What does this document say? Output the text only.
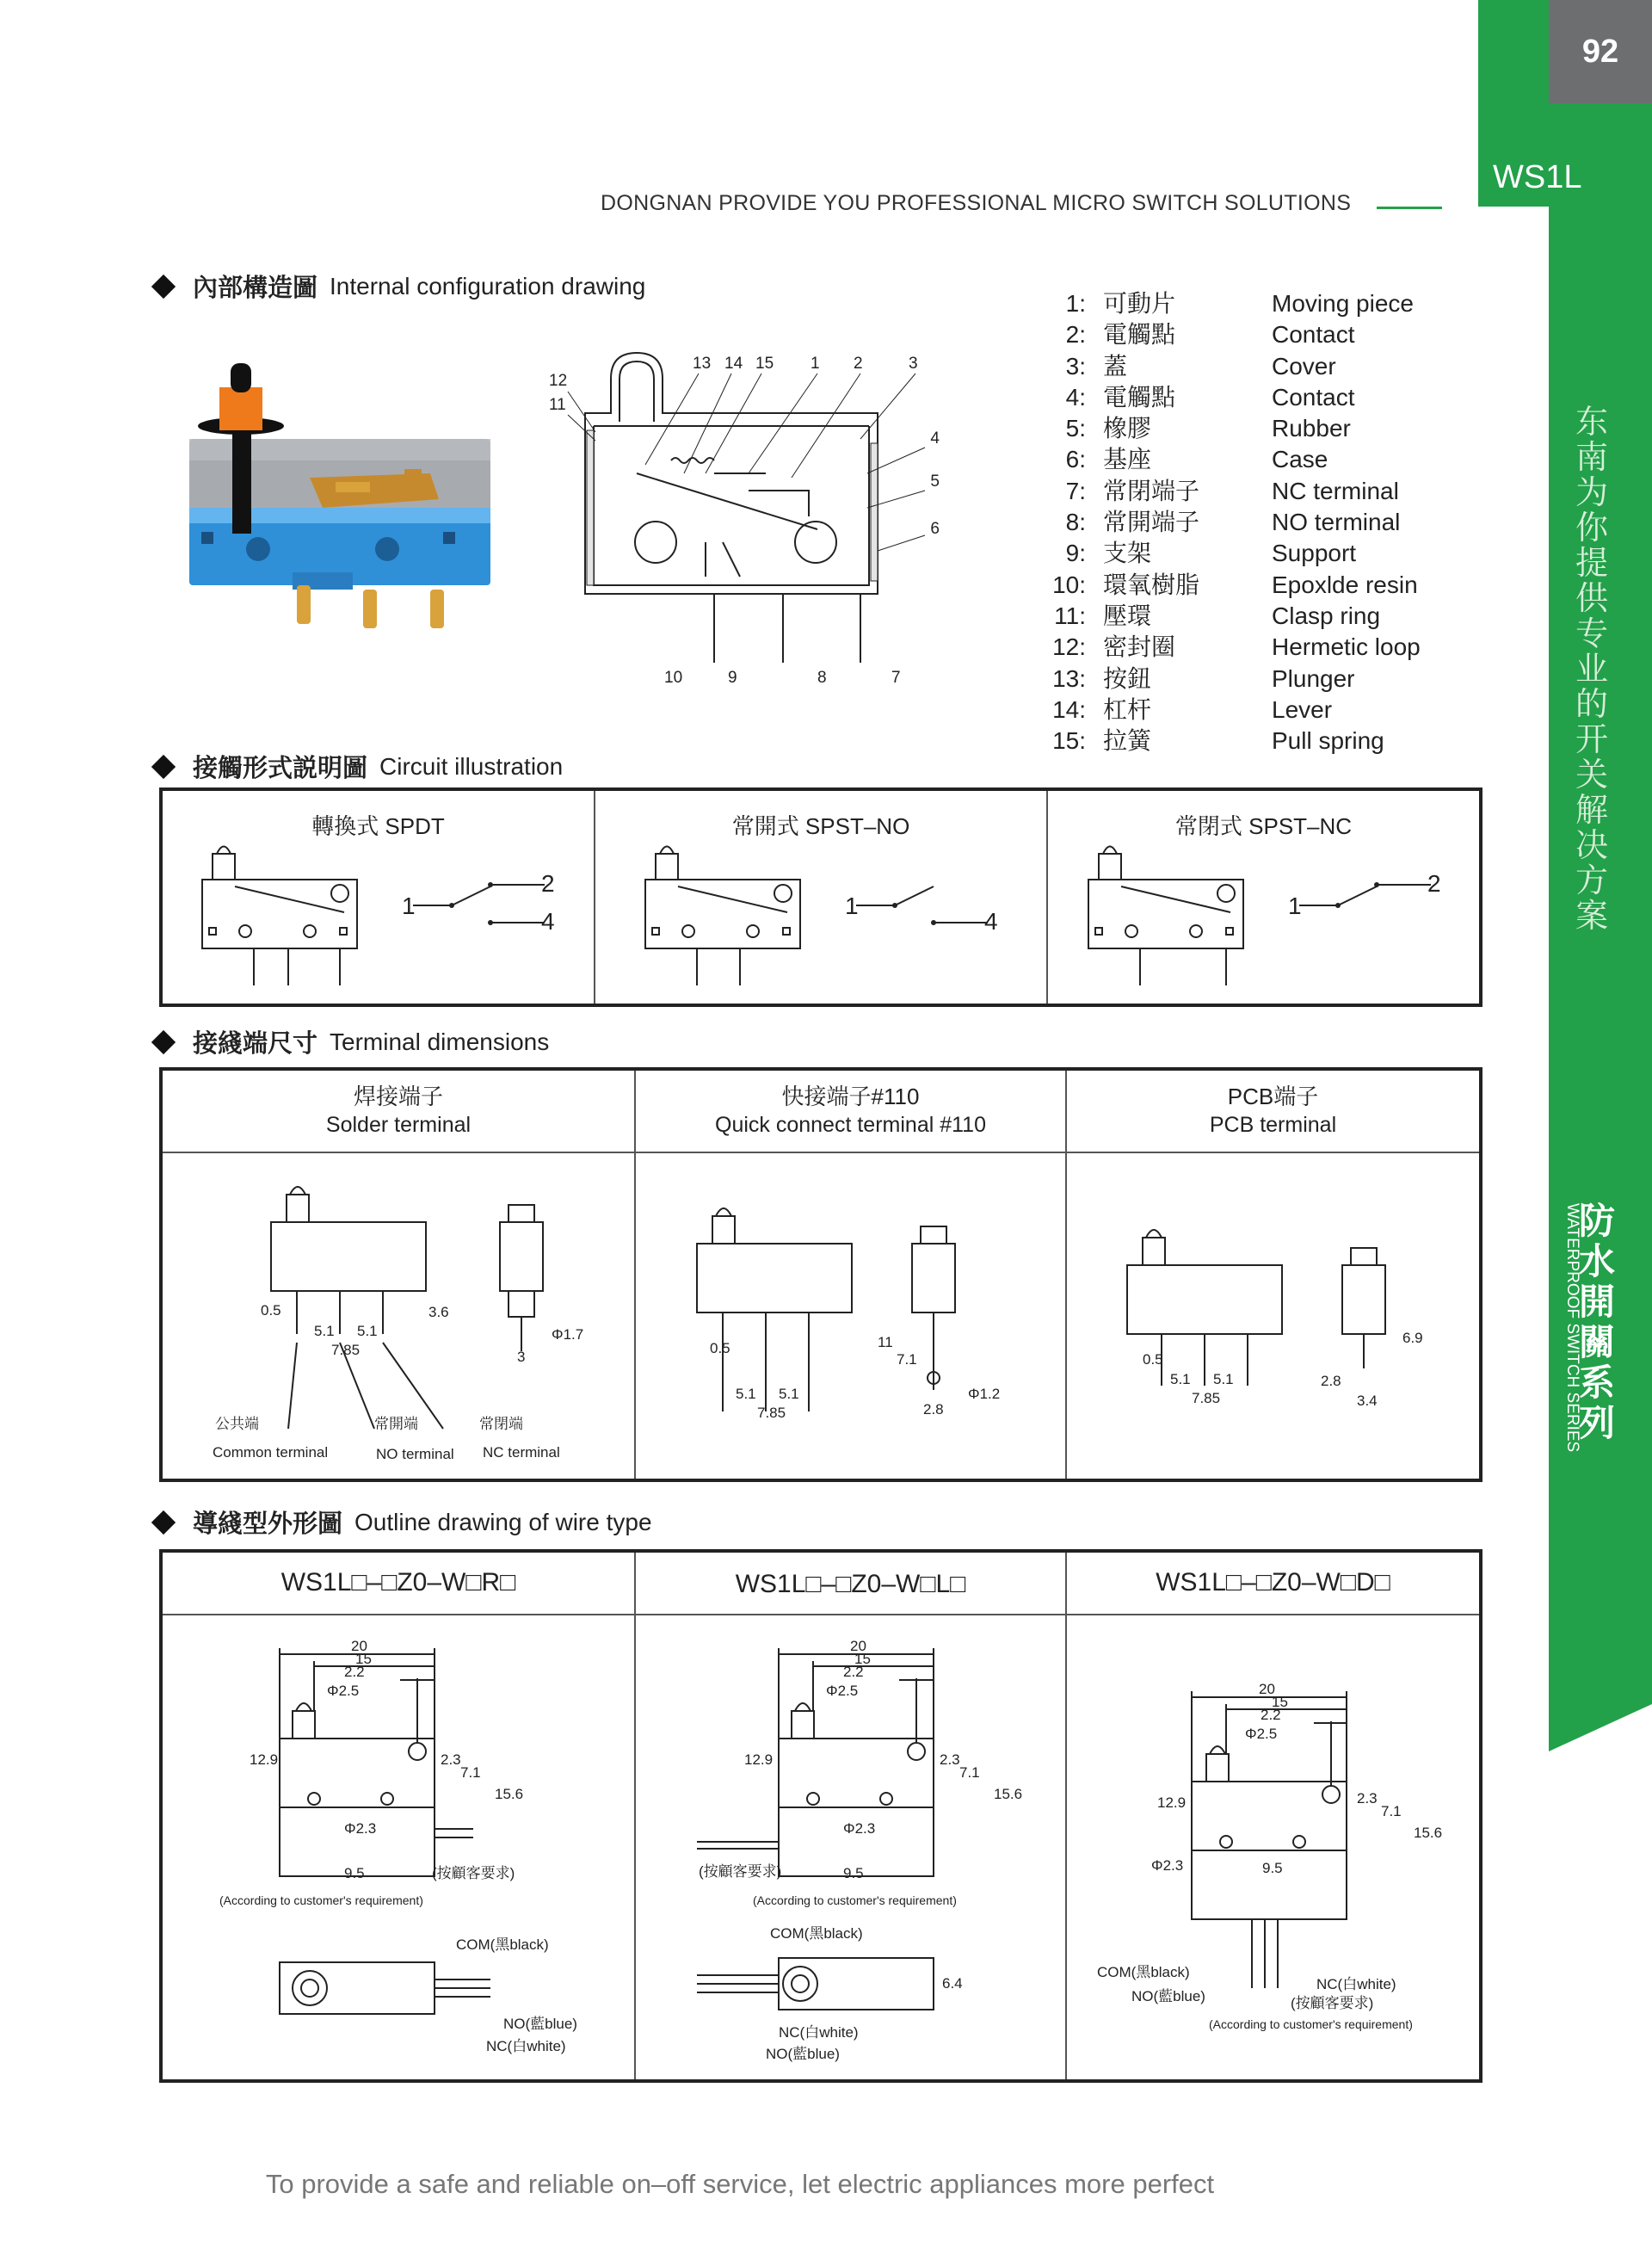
92
WS1L
东南为你提供专业的开关解决方案
防水開關系列
WATERPROOF SWITCH SERIES
DONGNAN PROVIDE YOU PROFESSIONAL MICRO SWITCH SOLUTIONS
內部構造圖 Internal configuration drawing
13 14 15 1 2	3
12
11
4
5
6
10	9	8	7
1: 可動片	Moving piece
2: 電觸點	Contact
3: 蓋	Cover
4: 電觸點	Contact
5: 橡膠	Rubber
6: 基座	Case
7: 常閉端子	NC terminal
8: 常開端子	NO terminal
9: 支架	Support
10: 環氧樹脂	Epoxlde resin
11: 壓環	Clasp ring
12: 密封圈	Hermetic loop
13: 按鈕	Plunger
14: 杠杆	Lever
15: 拉簧	Pull spring
接觸形式説明圖 Circuit illustration
轉換式 SPDT	常開式 SPST–NO	常閉式 SPST–NC
1
2
4
1
4
1
2
接綫端尺寸 Terminal dimensions
焊接端子
Solder terminal
快接端子#110
Quick connect terminal #110
PCB端子
PCB terminal
0.5
5.1 5.1
7.85
3.6
Φ1.7
3
公共端	常開端	常閉端
Common terminal	NO terminal NC terminal
0.5
5.1 5.1
7.85
11
7.1
2.8
Φ1.2
0.5
5.1 5.1
7.85
6.9
2.8
3.4
導綫型外形圖 Outline drawing of wire type
WS1L□–□Z0–W□R□	WS1L□–□Z0–W□L□	WS1L□–□Z0–W□D□
20
15
2.2
Φ2.5
12.9	2.3
7.1
15.6
Φ2.3
9.5	(按顧客要求)
(According to customer's requirement)
COM(黑black)
NO(藍blue)
NC(白white)
20
15
2.2
Φ2.5
12.9	2.3
7.1
15.6
Φ2.3
9.5
(按顧客要求)
(According to customer's requirement)
COM(黑black)
6.4
NC(白white)
NO(藍blue)
20
15
2.2
Φ2.5
12.9	2.3
7.1
15.6
Φ2.3	9.5
COM(黑black)
NO(藍blue)
NC(白white)
(按顧客要求)
(According to customer's requirement)
To provide a safe and reliable on–off service, let electric appliances more perfect
